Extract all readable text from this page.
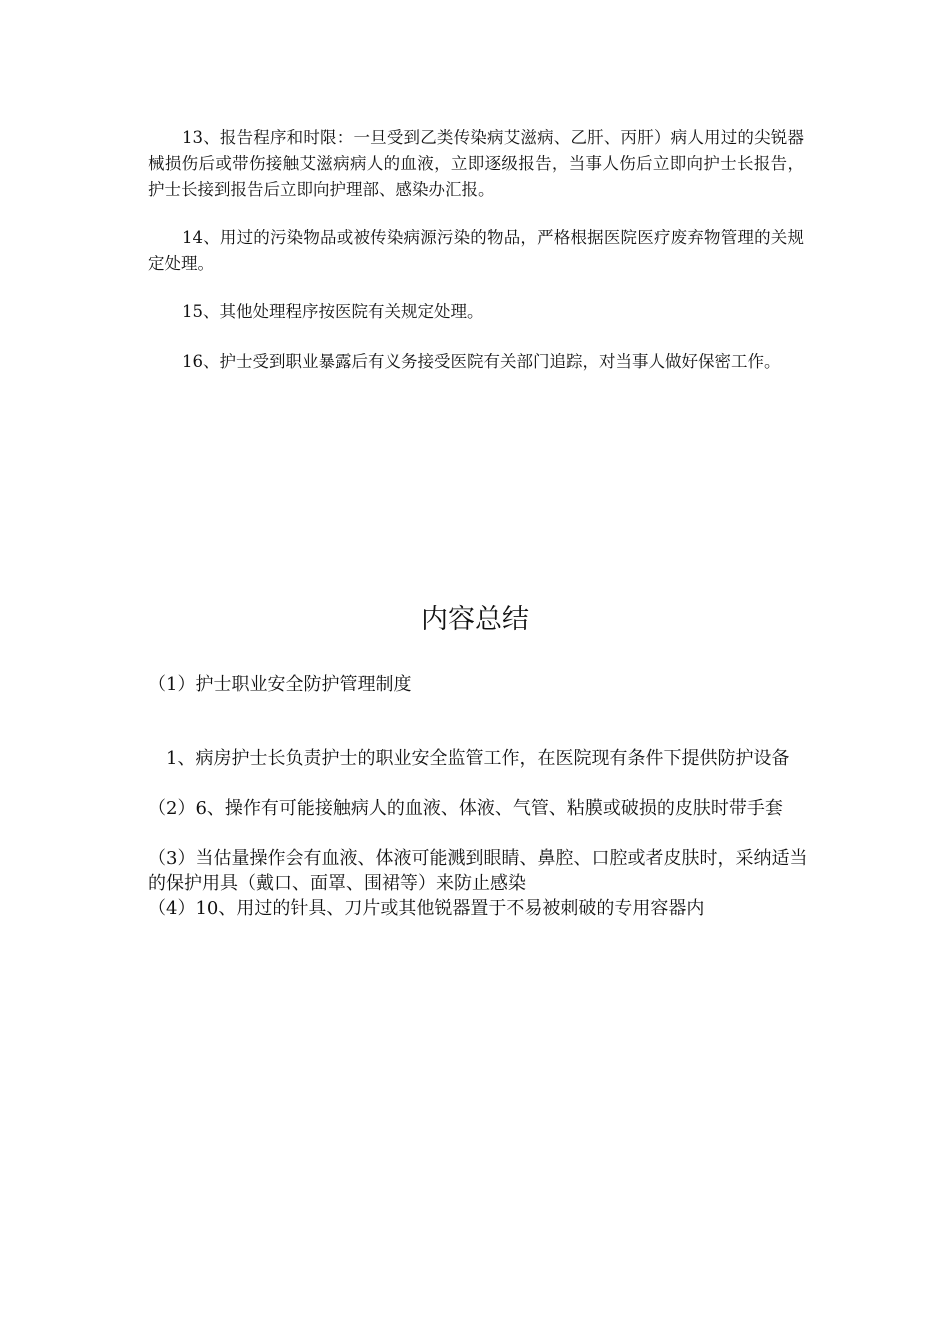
13、报告程序和时限：一旦受到乙类传染病艾滋病、乙肝、丙肝）病人用过的尖锐器械损伤后或带伤接触艾滋病病人的血液，立即逐级报告，当事人伤后立即向护士长报告，护士长接到报告后立即向护理部、感染办汇报。

14、用过的污染物品或被传染病源污染的物品，严格根据医院医疗废弃物管理的关规定处理。

15、其他处理程序按医院有关规定处理。

16、护士受到职业暴露后有义务接受医院有关部门追踪，对当事人做好保密工作。

内容总结

（1）护士职业安全防护管理制度

1、病房护士长负责护士的职业安全监管工作，在医院现有条件下提供防护设备

（2）6、操作有可能接触病人的血液、体液、气管、粘膜或破损的皮肤时带手套

（3）当估量操作会有血液、体液可能溅到眼睛、鼻腔、口腔或者皮肤时，采纳适当的保护用具（戴口、面罩、围裙等）来防止感染

（4）10、用过的针具、刀片或其他锐器置于不易被刺破的专用容器内
